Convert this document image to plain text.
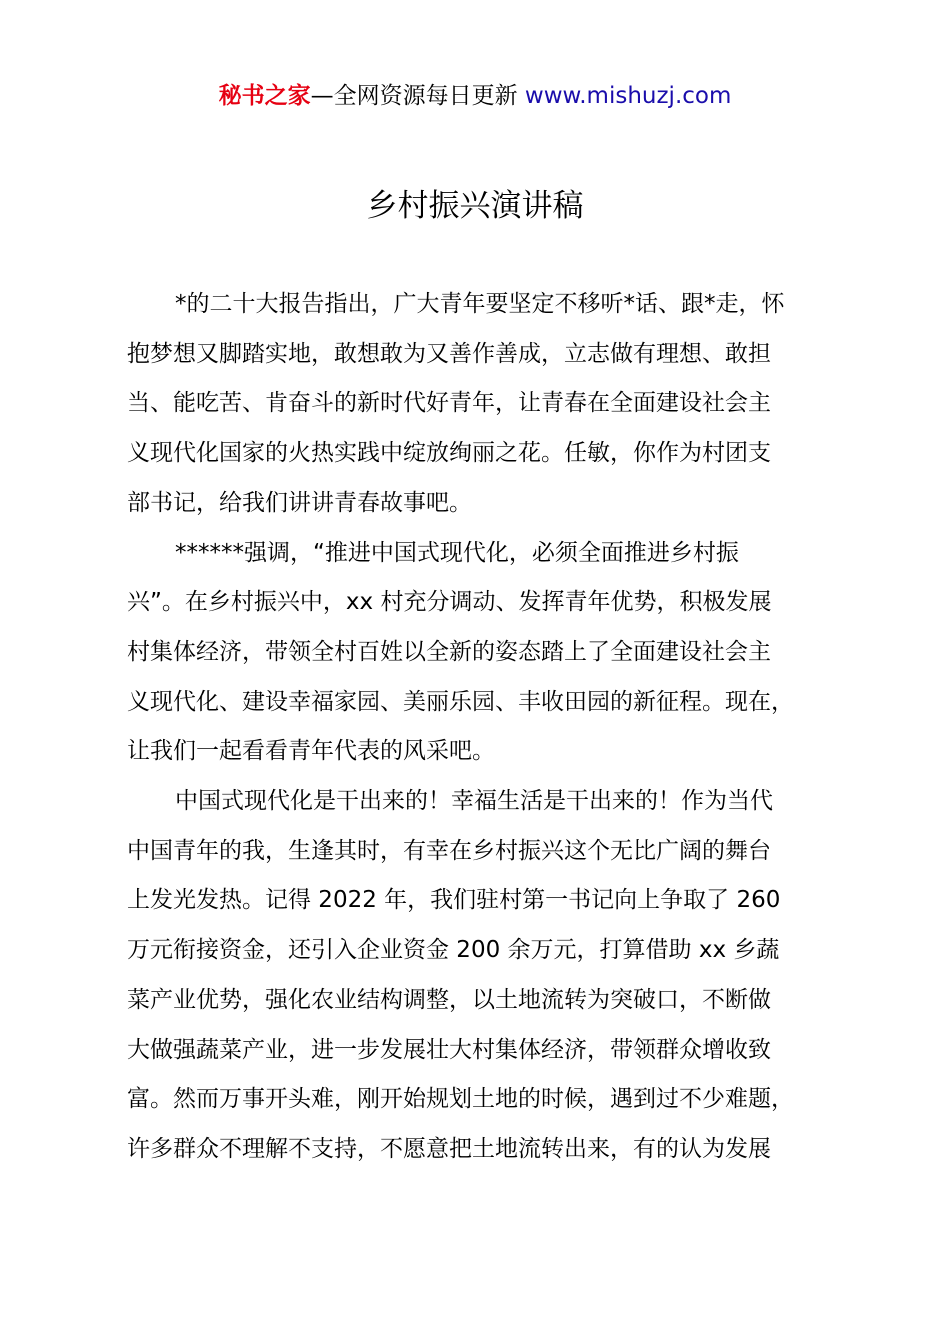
秘书之家—全网资源每日更新 www.mishuzj.com
乡村振兴演讲稿

*的二十大报告指出，广大青年要坚定不移听*话、跟*走，怀
抱梦想又脚踏实地，敢想敢为又善作善成，立志做有理想、敢担
当、能吃苦、肯奋斗的新时代好青年，让青春在全面建设社会主
义现代化国家的火热实践中绽放绚丽之花。任敏，你作为村团支
部书记，给我们讲讲青春故事吧。

******强调，“推进中国式现代化，必须全面推进乡村振
兴”。在乡村振兴中，xx 村充分调动、发挥青年优势，积极发展
村集体经济，带领全村百姓以全新的姿态踏上了全面建设社会主
义现代化、建设幸福家园、美丽乐园、丰收田园的新征程。现在，
让我们一起看看青年代表的风采吧。

中国式现代化是干出来的！幸福生活是干出来的！作为当代
中国青年的我，生逢其时，有幸在乡村振兴这个无比广阔的舞台
上发光发热。记得 2022 年，我们驻村第一书记向上争取了 260
万元衔接资金，还引入企业资金 200 余万元，打算借助 xx 乡蔬
菜产业优势，强化农业结构调整，以土地流转为突破口，不断做
大做强蔬菜产业，进一步发展壮大村集体经济，带领群众增收致
富。然而万事开头难，刚开始规划土地的时候，遇到过不少难题，
许多群众不理解不支持，不愿意把土地流转出来，有的认为发展
